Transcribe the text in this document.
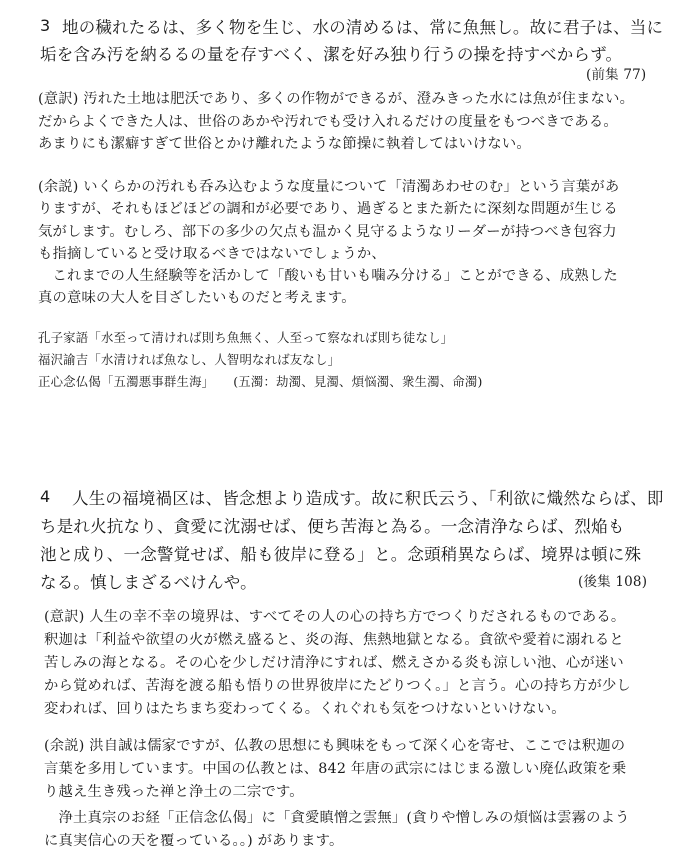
3 地の穢れたるは、多く物を生じ、水の清めるは、常に魚無し。故に君子は、当に
垢を含み汚を納るるの量を存すべく、潔を好み独り行うの操を持すべからず。
(前集 77)
(意訳) 汚れた土地は肥沃であり、多くの作物ができるが、澄みきった水には魚が住まない。
だからよくできた人は、世俗のあかや汚れでも受け入れるだけの度量をもつべきである。
あまりにも潔癖すぎて世俗とかけ離れたような節操に執着してはいけない。
(余説) いくらかの汚れも呑み込むような度量について「清濁あわせのむ」という言葉があ
りますが、それもほどほどの調和が必要であり、過ぎるとまた新たに深刻な問題が生じる
気がします。むしろ、部下の多少の欠点も温かく見守るようなリーダーが持つべき包容力
も指摘していると受け取るべきではないでしょうか、
　これまでの人生経験等を活かして「酸いも甘いも噛み分ける」ことができる、成熟した
真の意味の大人を目ざしたいものだと考えます。
孔子家語「水至って清ければ則ち魚無く、人至って察なれば則ち徒なし」
福沢諭吉「水清ければ魚なし、人智明なれば友なし」
正心念仏偈「五濁悪事群生海」　　(五濁：劫濁、見濁、煩悩濁、衆生濁、命濁)
4 人生の福境禍区は、皆念想より造成す。故に釈氏云う、「利欲に熾然ならば、即
ち是れ火抗なり、貪愛に沈溺せば、便ち苦海と為る。一念清浄ならば、烈焔も
池と成り、一念警覚せば、船も彼岸に登る」と。念頭稍異ならば、境界は頓に殊
なる。慎しまざるべけんや。	(後集 108)
(意訳) 人生の幸不幸の境界は、すべてその人の心の持ち方でつくりだされるものである。
釈迦は「利益や欲望の火が燃え盛ると、炎の海、焦熱地獄となる。貪欲や愛着に溺れると
苦しみの海となる。その心を少しだけ清浄にすれば、燃えさかる炎も涼しい池、心が迷い
から覚めれば、苦海を渡る船も悟りの世界彼岸にたどりつく。」と言う。心の持ち方が少し
変われば、回りはたちまち変わってくる。くれぐれも気をつけないといけない。
(余説) 洪自誠は儒家ですが、仏教の思想にも興味をもって深く心を寄せ、ここでは釈迦の
言葉を多用しています。中国の仏教とは、842 年唐の武宗にはじまる激しい廃仏政策を乗
り越え生き残った禅と浄土の二宗です。
　浄土真宗のお経「正信念仏偈」に「貪愛瞋憎之雲無」(貪りや憎しみの煩悩は雲霧のよう
に真実信心の天を覆っている。。) があります。
